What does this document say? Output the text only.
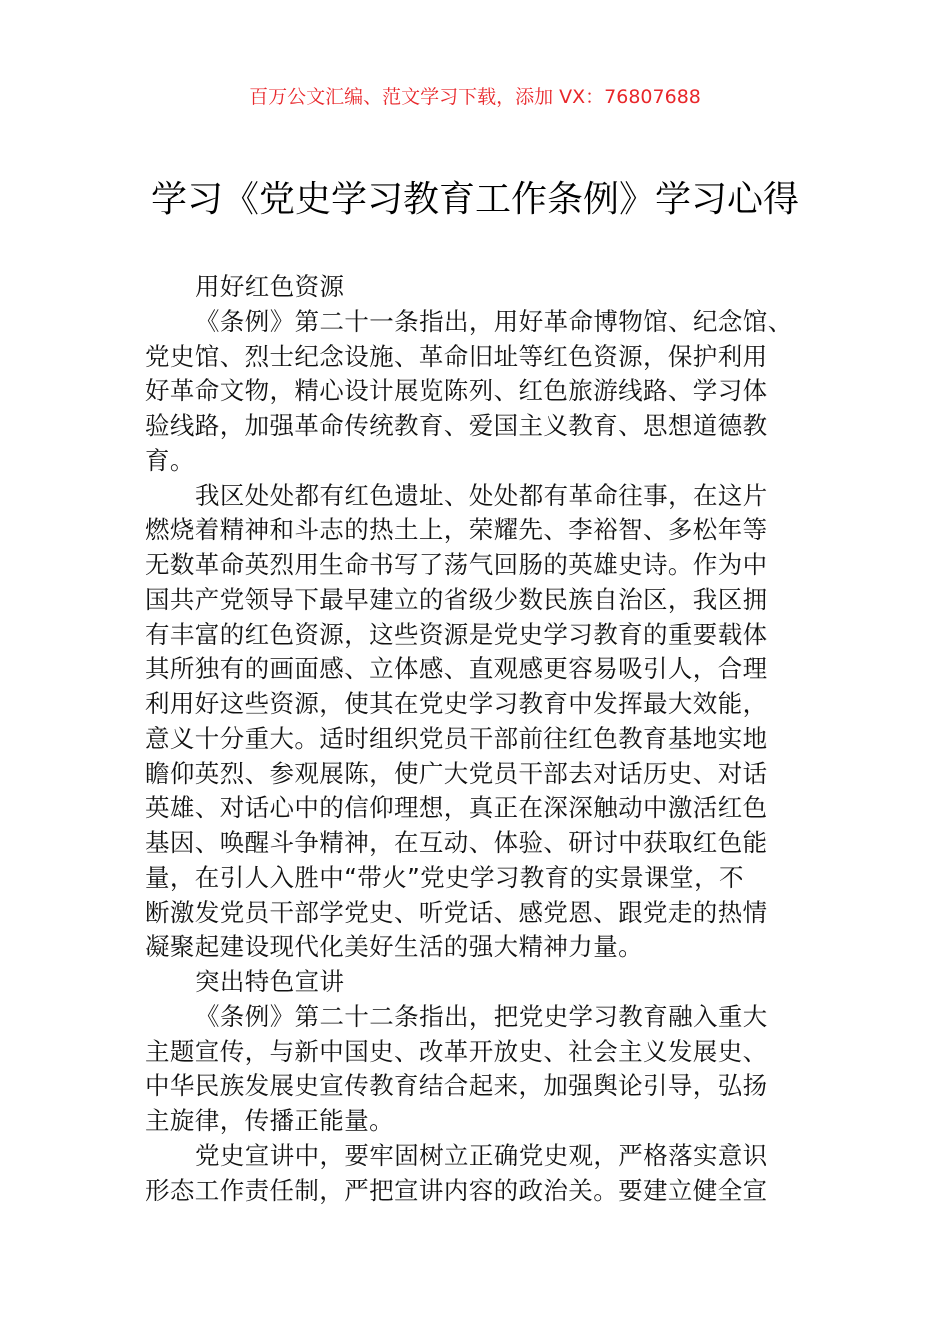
百万公文汇编、范文学习下载，添加 VX：76807688
学习《党史学习教育工作条例》学习心得
用好红色资源
《条例》第二十一条指出，用好革命博物馆、纪念馆、
党史馆、烈士纪念设施、革命旧址等红色资源，保护利用
好革命文物，精心设计展览陈列、红色旅游线路、学习体
验线路，加强革命传统教育、爱国主义教育、思想道德教
育。
我区处处都有红色遗址、处处都有革命往事，在这片
燃烧着精神和斗志的热土上，荣耀先、李裕智、多松年等
无数革命英烈用生命书写了荡气回肠的英雄史诗。作为中
国共产党领导下最早建立的省级少数民族自治区，我区拥
有丰富的红色资源，这些资源是党史学习教育的重要载体
其所独有的画面感、立体感、直观感更容易吸引人，合理
利用好这些资源，使其在党史学习教育中发挥最大效能，
意义十分重大。适时组织党员干部前往红色教育基地实地
瞻仰英烈、参观展陈，使广大党员干部去对话历史、对话
英雄、对话心中的信仰理想，真正在深深触动中激活红色
基因、唤醒斗争精神，在互动、体验、研讨中获取红色能
量，在引人入胜中“带火”党史学习教育的实景课堂，不
断激发党员干部学党史、听党话、感党恩、跟党走的热情
凝聚起建设现代化美好生活的强大精神力量。
突出特色宣讲
《条例》第二十二条指出，把党史学习教育融入重大
主题宣传，与新中国史、改革开放史、社会主义发展史、
中华民族发展史宣传教育结合起来，加强舆论引导，弘扬
主旋律，传播正能量。
党史宣讲中，要牢固树立正确党史观，严格落实意识
形态工作责任制，严把宣讲内容的政治关。要建立健全宣
